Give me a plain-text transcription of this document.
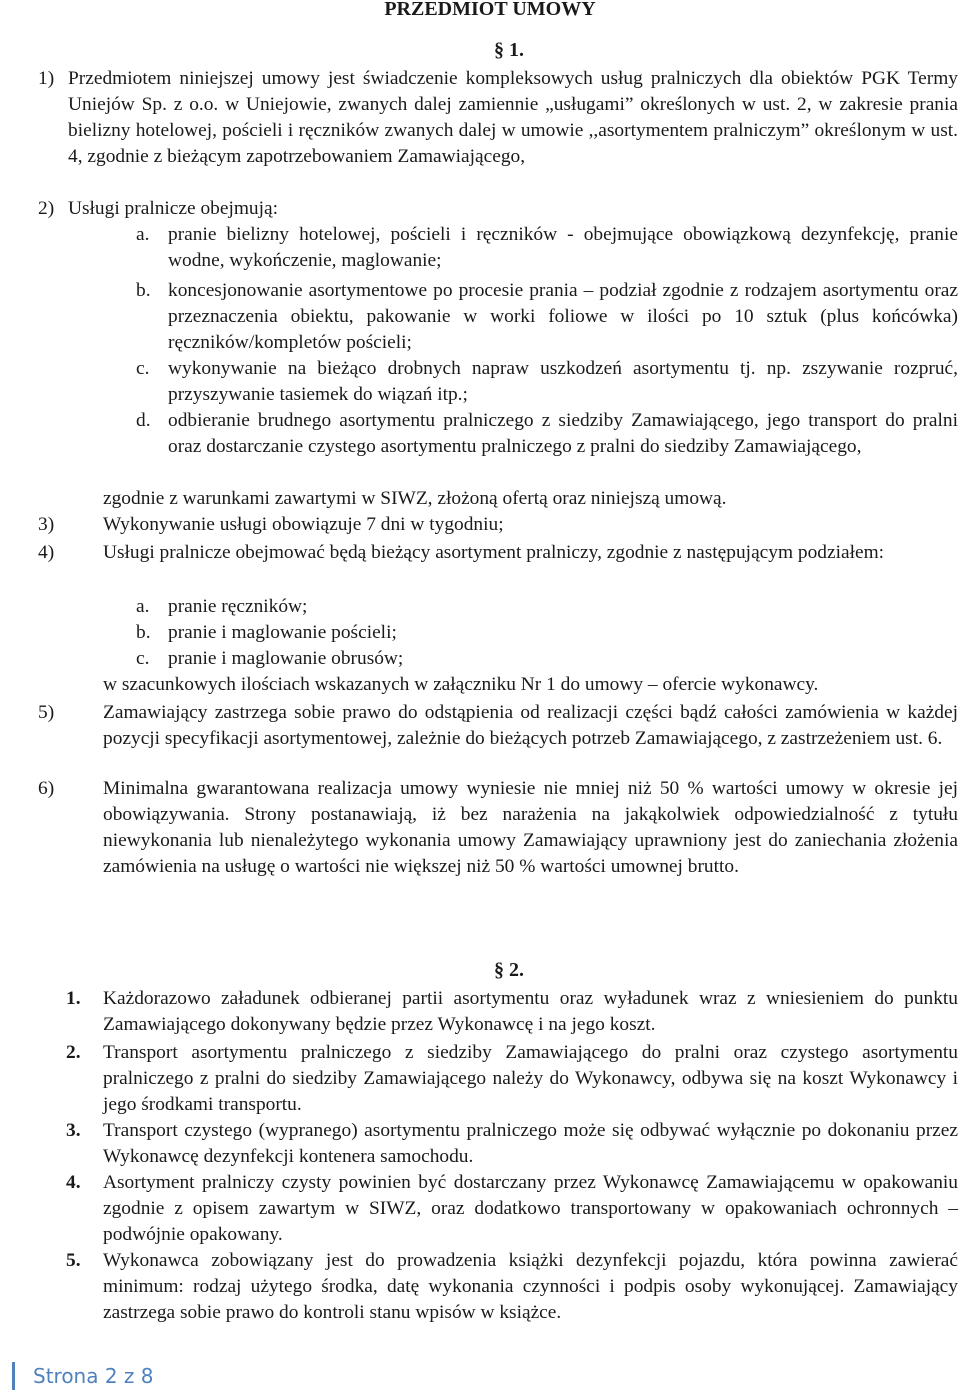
PRZEDMIOT UMOWY
§ 1.
1) Przedmiotem niniejszej umowy jest świadczenie kompleksowych usług pralniczych dla obiektów PGK Termy Uniejów Sp. z o.o. w Uniejowie, zwanych dalej zamiennie „usługami” określonych w ust. 2, w zakresie prania bielizny hotelowej, pościeli i ręczników zwanych dalej w umowie ,,asortymentem pralniczym” określonym w ust. 4, zgodnie z bieżącym zapotrzebowaniem Zamawiającego,

2) Usługi pralnicze obejmują:

a. pranie bielizny hotelowej, pościeli i ręczników - obejmujące obowiązkową dezynfekcję, pranie wodne, wykończenie, maglowanie;

b. koncesjonowanie asortymentowe po procesie prania – podział zgodnie z rodzajem asortymentu oraz przeznaczenia obiektu, pakowanie w worki foliowe w ilości po 10 sztuk (plus końcówka) ręczników/kompletów pościeli;

c. wykonywanie na bieżąco drobnych napraw uszkodzeń asortymentu tj. np. zszywanie rozpruć, przyszywanie tasiemek do wiązań itp.;

d. odbieranie brudnego asortymentu pralniczego z siedziby Zamawiającego, jego transport do pralni oraz dostarczanie czystego asortymentu pralniczego z pralni do siedziby Zamawiającego,

zgodnie z warunkami zawartymi w SIWZ, złożoną ofertą oraz niniejszą umową.

3)	Wykonywanie usługi obowiązuje 7 dni w tygodniu;

4)	Usługi pralnicze obejmować będą bieżący asortyment pralniczy, zgodnie z następującym podziałem:

a. pranie ręczników;

b. pranie i maglowanie pościeli;

c. pranie i maglowanie obrusów;

w szacunkowych ilościach wskazanych w załączniku Nr 1 do umowy – ofercie wykonawcy.

5)	Zamawiający zastrzega sobie prawo do odstąpienia od realizacji części bądź całości zamówienia w każdej pozycji specyfikacji asortymentowej, zależnie do bieżących potrzeb Zamawiającego, z zastrzeżeniem ust. 6.

6)	Minimalna gwarantowana realizacja umowy wyniesie nie mniej niż 50 % wartości umowy w okresie jej obowiązywania. Strony postanawiają, iż bez narażenia na jakąkolwiek odpowiedzialność z tytułu niewykonania lub nienależytego wykonania umowy Zamawiający uprawniony jest do zaniechania złożenia zamówienia na usługę o wartości nie większej niż 50 % wartości umownej brutto.

§ 2.
1. Każdorazowo załadunek odbieranej partii asortymentu oraz wyładunek wraz z wniesieniem do punktu Zamawiającego dokonywany będzie przez Wykonawcę i na jego koszt.

2. Transport asortymentu pralniczego z siedziby Zamawiającego do pralni oraz czystego asortymentu pralniczego z pralni do siedziby Zamawiającego należy do Wykonawcy, odbywa się na koszt Wykonawcy i jego środkami transportu.

3. Transport czystego (wypranego) asortymentu pralniczego może się odbywać wyłącznie po dokonaniu przez Wykonawcę dezynfekcji kontenera samochodu.

4. Asortyment pralniczy czysty powinien być dostarczany przez Wykonawcę Zamawiającemu w opakowaniu zgodnie z opisem zawartym w SIWZ, oraz dodatkowo transportowany w opakowaniach ochronnych – podwójnie opakowany.

5. Wykonawca zobowiązany jest do prowadzenia książki dezynfekcji pojazdu, która powinna zawierać minimum: rodzaj użytego środka, datę wykonania czynności i podpis osoby wykonującej. Zamawiający zastrzega sobie prawo do kontroli stanu wpisów w książce.

Strona 2 z 8
